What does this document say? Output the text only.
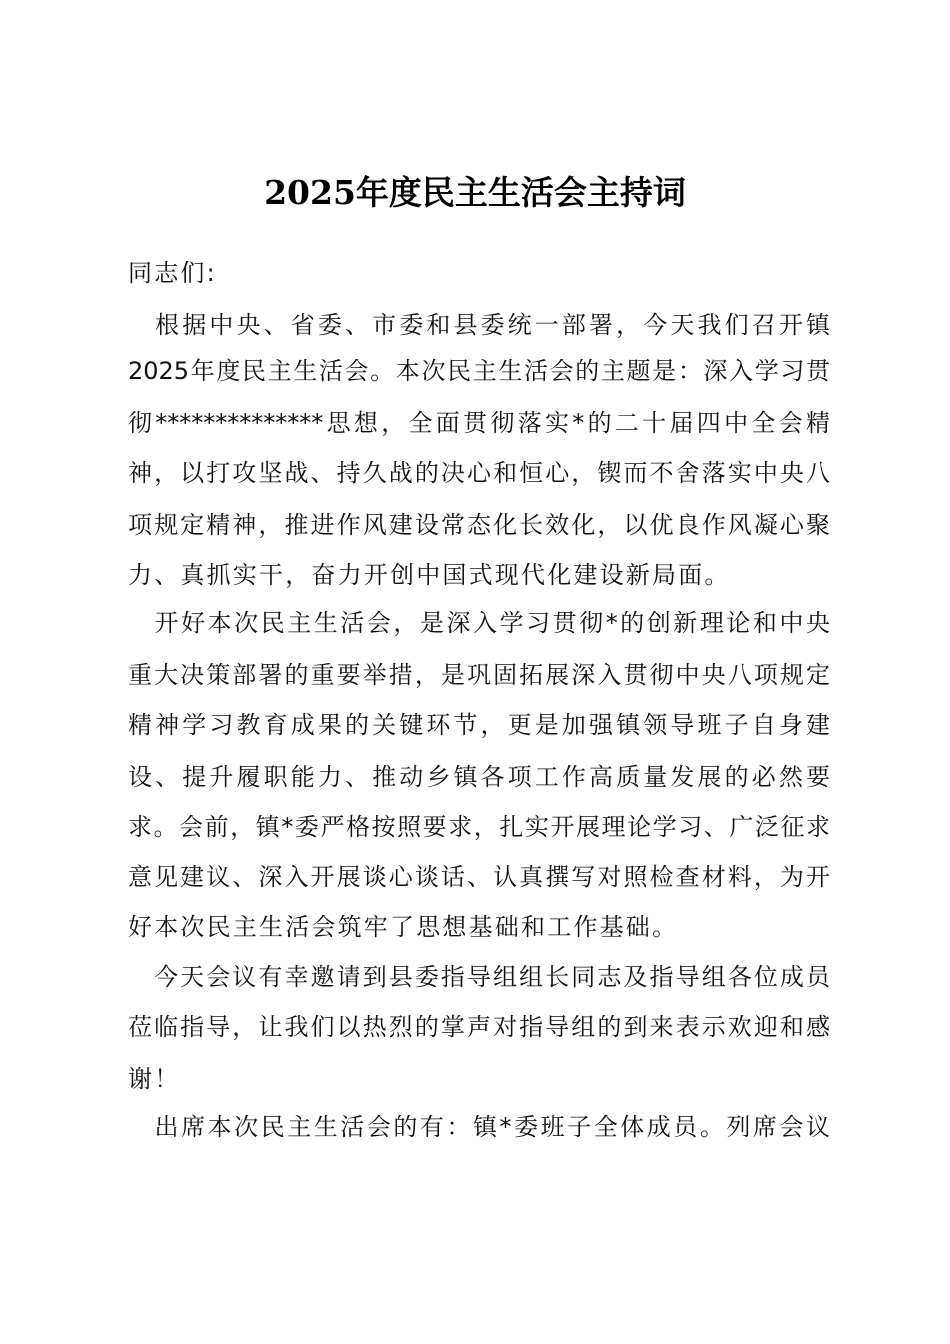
2025年度民主生活会主持词
同志们:
　根据中央、省委、市委和县委统一部署，今天我们召开镇
2025年度民主生活会。本次民主生活会的主题是：深入学习贯
彻**************思想，全面贯彻落实*的二十届四中全会精
神，以打攻坚战、持久战的决心和恒心，锲而不舍落实中央八
项规定精神，推进作风建设常态化长效化，以优良作风凝心聚
力、真抓实干，奋力开创中国式现代化建设新局面。
　开好本次民主生活会，是深入学习贯彻*的创新理论和中央
重大决策部署的重要举措，是巩固拓展深入贯彻中央八项规定
精神学习教育成果的关键环节，更是加强镇领导班子自身建
设、提升履职能力、推动乡镇各项工作高质量发展的必然要
求。会前，镇*委严格按照要求，扎实开展理论学习、广泛征求
意见建议、深入开展谈心谈话、认真撰写对照检查材料，为开
好本次民主生活会筑牢了思想基础和工作基础。
　今天会议有幸邀请到县委指导组组长同志及指导组各位成员
莅临指导，让我们以热烈的掌声对指导组的到来表示欢迎和感
谢！
　出席本次民主生活会的有：镇*委班子全体成员。列席会议
